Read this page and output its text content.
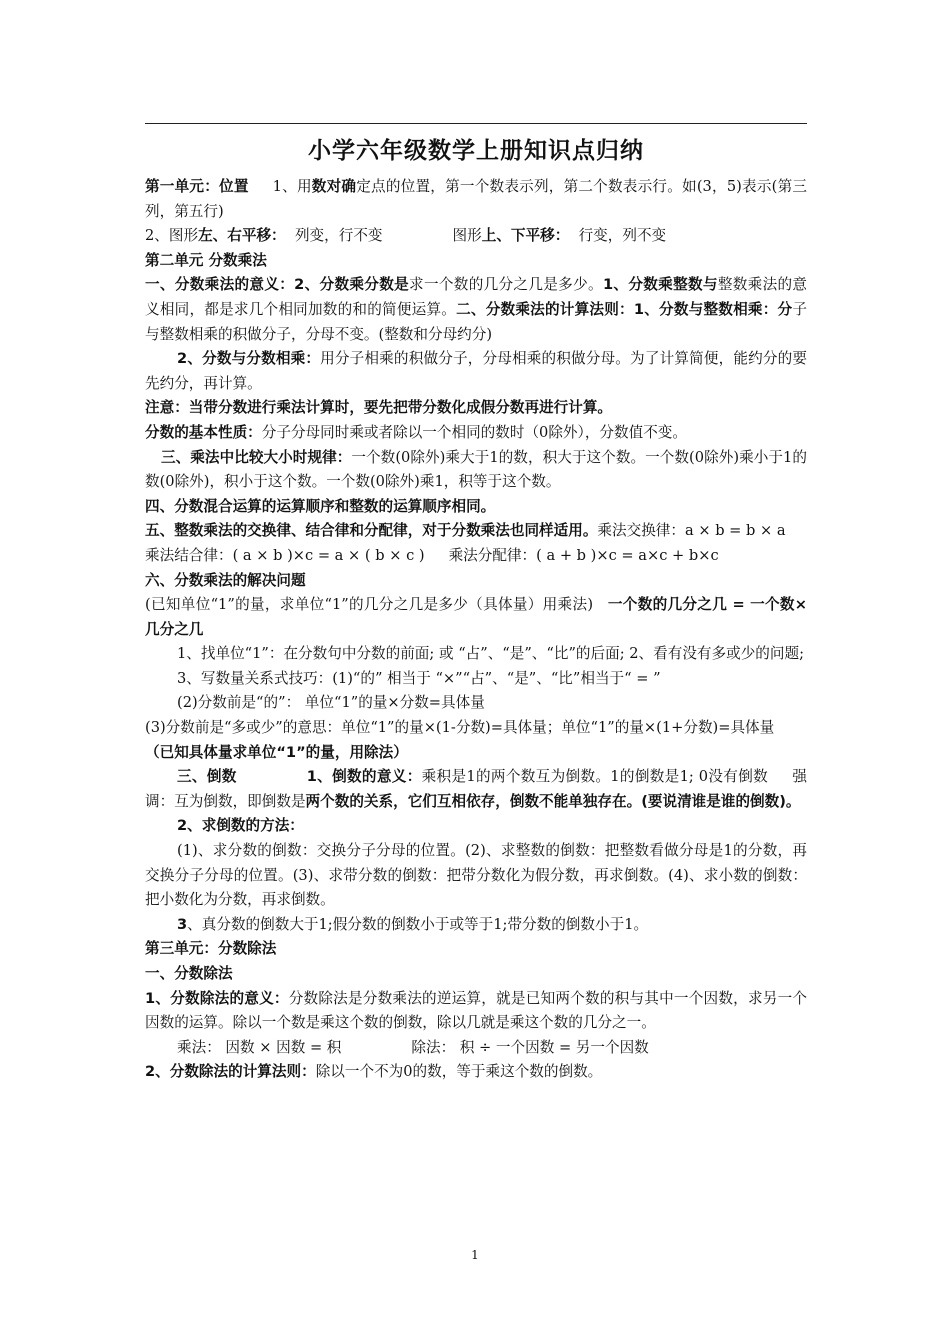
小学六年级数学上册知识点归纳

第一单元：位置 1、用数对确定点的位置，第一个数表示列，第二个数表示行。如(3，5)表示(第三列，第五行)

2、图形左、右平移： 列变，行不变	图形上、下平移： 行变，列不变

第二单元 分数乘法

一、分数乘法的意义：2、分数乘分数是求一个数的几分之几是多少。1、分数乘整数与整数乘法的意义相同，都是求几个相同加数的和的简便运算。二、分数乘法的计算法则：1、分数与整数相乘：分子与整数相乘的积做分子，分母不变。(整数和分母约分)

2、分数与分数相乘：用分子相乘的积做分子，分母相乘的积做分母。为了计算简便，能约分的要先约分，再计算。

注意：当带分数进行乘法计算时，要先把带分数化成假分数再进行计算。

分数的基本性质：分子分母同时乘或者除以一个相同的数时（0除外），分数值不变。

三、乘法中比较大小时规律：一个数(0除外)乘大于1的数，积大于这个数。一个数(0除外)乘小于1的数(0除外)，积小于这个数。一个数(0除外)乘1，积等于这个数。

四、分数混合运算的运算顺序和整数的运算顺序相同。

五、整数乘法的交换律、结合律和分配律，对于分数乘法也同样适用。乘法交换律：a × b = b × a

乘法结合律：( a × b )×c = a × ( b × c ) 乘法分配律：( a + b )×c = a×c + b×c

六、分数乘法的解决问题

(已知单位“1”的量，求单位“1”的几分之几是多少（具体量）用乘法) 一个数的几分之几 = 一个数×几分之几

1、找单位“1”：在分数句中分数的前面; 或 “占”、“是”、“比”的后面; 2、看有没有多或少的问题;

3、写数量关系式技巧：(1)“的” 相当于 “×”“占”、“是”、“比”相当于“ = ”

(2)分数前是“的”： 单位“1”的量×分数=具体量

(3)分数前是“多或少”的意思：单位“1”的量×(1-分数)=具体量；单位“1”的量×(1+分数)=具体量

（已知具体量求单位“1”的量，用除法）

三、倒数	1、倒数的意义：乘积是1的两个数互为倒数。1的倒数是1; 0没有倒数 强调：互为倒数，即倒数是两个数的关系，它们互相依存，倒数不能单独存在。(要说清谁是谁的倒数)。

2、求倒数的方法：

(1)、求分数的倒数：交换分子分母的位置。(2)、求整数的倒数：把整数看做分母是1的分数，再交换分子分母的位置。(3)、求带分数的倒数：把带分数化为假分数，再求倒数。(4)、求小数的倒数：把小数化为分数，再求倒数。

3、真分数的倒数大于1;假分数的倒数小于或等于1;带分数的倒数小于1。

第三单元：分数除法

一、分数除法

1、分数除法的意义：分数除法是分数乘法的逆运算，就是已知两个数的积与其中一个因数，求另一个因数的运算。除以一个数是乘这个数的倒数，除以几就是乘这个数的几分之一。

乘法： 因数 × 因数 = 积	除法： 积 ÷ 一个因数 = 另一个因数

2、分数除法的计算法则：除以一个不为0的数，等于乘这个数的倒数。

1
